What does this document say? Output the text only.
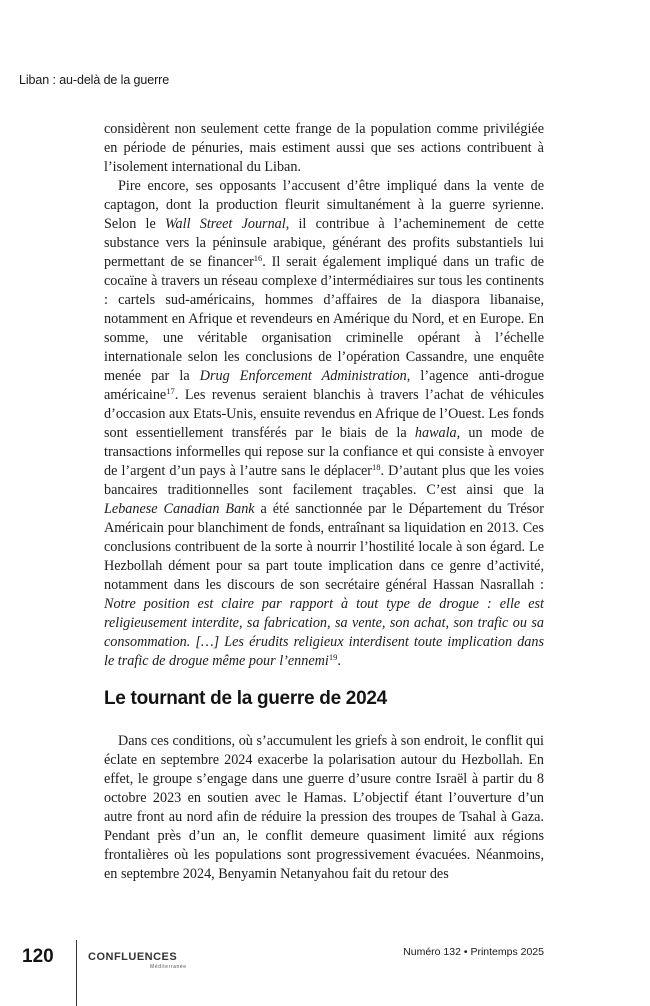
Liban : au-delà de la guerre

considèrent non seulement cette frange de la population comme privilégiée en période de pénuries, mais estiment aussi que ses actions contribuent à l’isolement international du Liban.

Pire encore, ses opposants l’accusent d’être impliqué dans la vente de captagon, dont la production fleurit simultanément à la guerre syrienne. Selon le Wall Street Journal, il contribue à l’acheminement de cette substance vers la péninsule arabique, générant des profits substantiels lui permettant de se financer$^{16}$. Il serait également impliqué dans un trafic de cocaïne à travers un réseau complexe d’intermédiaires sur tous les continents : cartels sud-américains, hommes d’affaires de la diaspora libanaise, notamment en Afrique et revendeurs en Amérique du Nord, et en Europe. En somme, une véritable organisation criminelle opérant à l’échelle internationale selon les conclusions de l’opération Cassandre, une enquête menée par la Drug Enforcement Administration, l’agence anti-drogue américaine$^{17}$. Les revenus seraient blanchis à travers l’achat de véhicules d’occasion aux Etats-Unis, ensuite revendus en Afrique de l’Ouest. Les fonds sont essentiellement transférés par le biais de la hawala, un mode de transactions informelles qui repose sur la confiance et qui consiste à envoyer de l’argent d’un pays à l’autre sans le déplacer$^{18}$. D’autant plus que les voies bancaires traditionnelles sont facilement traçables. C’est ainsi que la Lebanese Canadian Bank a été sanctionnée par le Département du Trésor Américain pour blanchiment de fonds, entraînant sa liquidation en 2013. Ces conclusions contribuent de la sorte à nourrir l’hostilité locale à son égard. Le Hezbollah dément pour sa part toute implication dans ce genre d’activité, notamment dans les discours de son secrétaire général Hassan Nasrallah : Notre position est claire par rapport à tout type de drogue : elle est religieusement interdite, sa fabrication, sa vente, son achat, son trafic ou sa consommation. […] Les érudits religieux interdisent toute implication dans le trafic de drogue même pour l’ennemi$^{19}$.

Le tournant de la guerre de 2024

Dans ces conditions, où s’accumulent les griefs à son endroit, le conflit qui éclate en septembre 2024 exacerbe la polarisation autour du Hezbollah. En effet, le groupe s’engage dans une guerre d’usure contre Israël à partir du 8 octobre 2023 en soutien avec le Hamas. L’objectif étant l’ouverture d’un autre front au nord afin de réduire la pression des troupes de Tsahal à Gaza. Pendant près d’un an, le conflit demeure quasiment limité aux régions frontalières où les populations sont progressivement évacuées. Néanmoins, en septembre 2024, Benyamin Netanyahou fait du retour des

120	CONFLUENCES
Méditerranée
Numéro 132 • Printemps 2025
